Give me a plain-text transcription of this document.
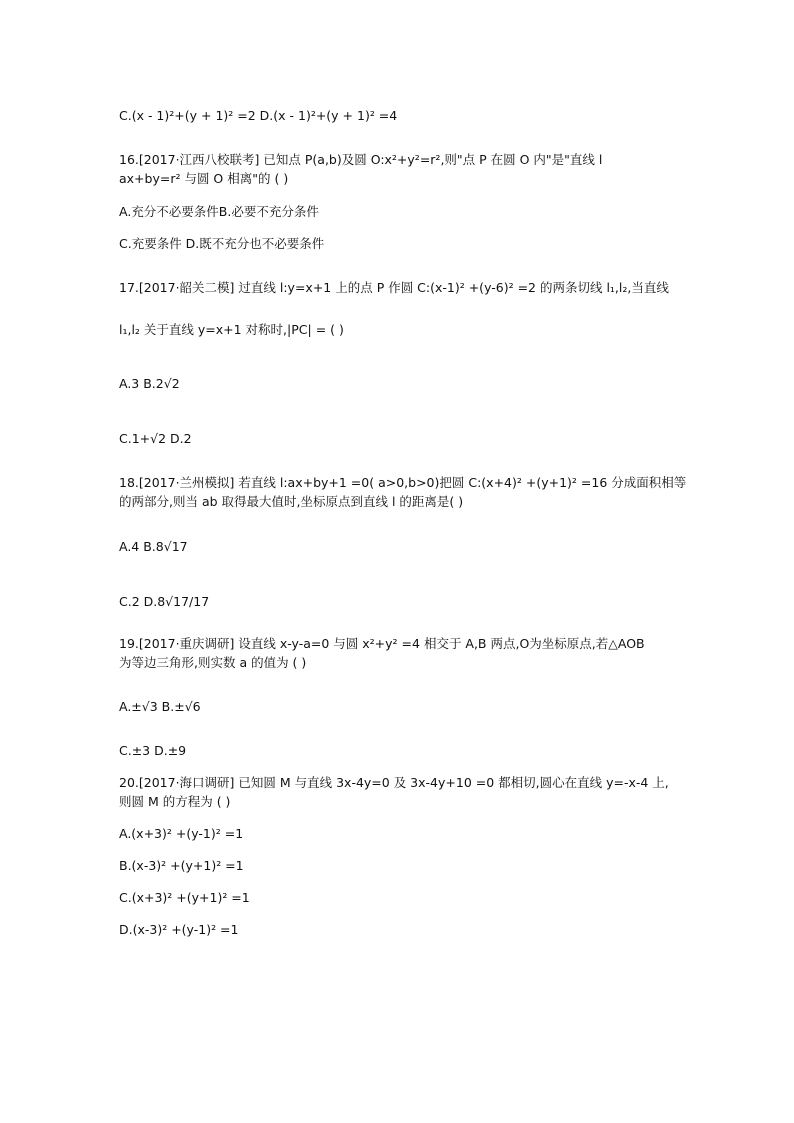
C.(x - 1)²+(y + 1)² =2 D.(x - 1)²+(y + 1)² =4
16.[2017·江西八校联考] 已知点 P(a,b)及圆 O:x²+y²=r²,则"点 P 在圆 O 内"是"直线 l
ax+by=r² 与圆 O 相离"的 ( )
A.充分不必要条件B.必要不充分条件
C.充要条件 D.既不充分也不必要条件
17.[2017·韶关二模] 过直线 l:y=x+1 上的点 P 作圆 C:(x-1)² +(y-6)² =2 的两条切线 l₁,l₂,当直线
l₁,l₂ 关于直线 y=x+1 对称时,|PC| = ( )
A.3 B.2√2
C.1+√2 D.2
18.[2017·兰州模拟] 若直线 l:ax+by+1 =0( a>0,b>0)把圆 C:(x+4)² +(y+1)² =16 分成面积相等
的两部分,则当 ab 取得最大值时,坐标原点到直线 l 的距离是( )
A.4 B.8√17
C.2 D.8√17/17
19.[2017·重庆调研] 设直线 x-y-a=0 与圆 x²+y² =4 相交于 A,B 两点,O为坐标原点,若△AOB
为等边三角形,则实数 a 的值为 ( )
A.±√3 B.±√6
C.±3 D.±9
20.[2017·海口调研] 已知圆 M 与直线 3x-4y=0 及 3x-4y+10 =0 都相切,圆心在直线 y=-x-4 上,
则圆 M 的方程为 ( )
A.(x+3)² +(y-1)² =1
B.(x-3)² +(y+1)² =1
C.(x+3)² +(y+1)² =1
D.(x-3)² +(y-1)² =1
